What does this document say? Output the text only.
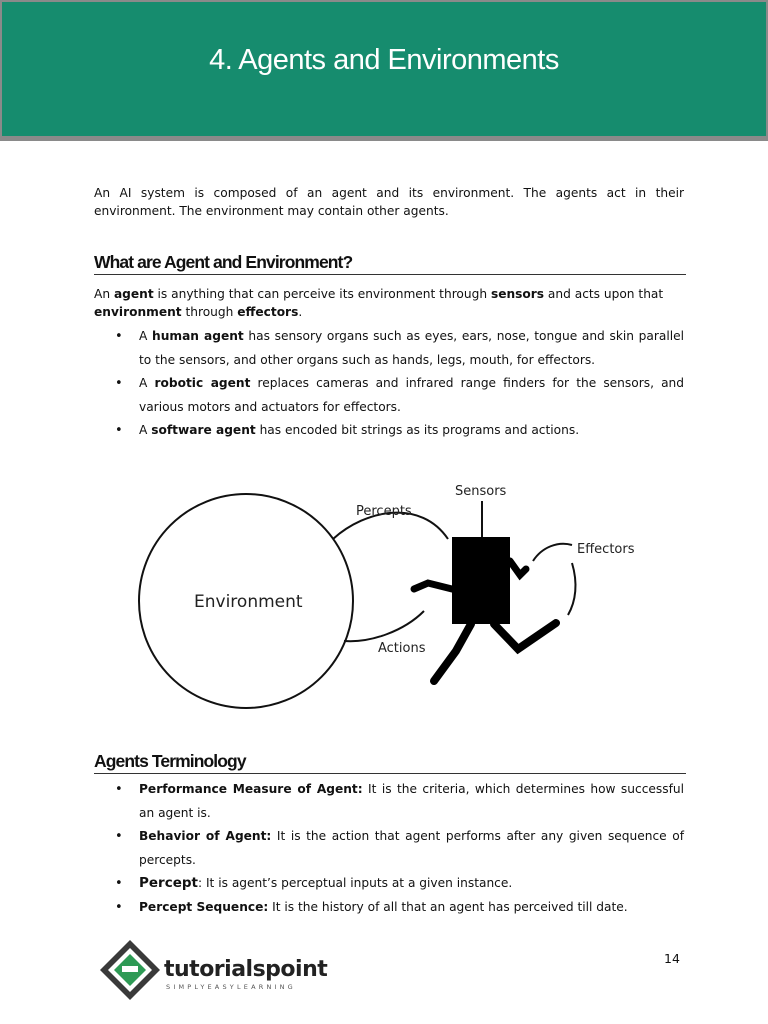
4. Agents and Environments

An AI system is composed of an agent and its environment. The agents act in their environment. The environment may contain other agents.

What are Agent and Environment?

An agent is anything that can perceive its environment through sensors and acts upon that environment through effectors.

• A human agent has sensory organs such as eyes, ears, nose, tongue and skin parallel to the sensors, and other organs such as hands, legs, mouth, for effectors.
• A robotic agent replaces cameras and infrared range finders for the sensors, and various motors and actuators for effectors.
• A software agent has encoded bit strings as its programs and actions.
Environment
Percepts
Actions
Sensors
Effectors
Agents Terminology
• Performance Measure of Agent: It is the criteria, which determines how successful an agent is.
• Behavior of Agent: It is the action that agent performs after any given sequence of percepts.
• Percept: It is agent’s perceptual inputs at a given instance.
• Percept Sequence: It is the history of all that an agent has perceived till date.
tutorialspoint
SIMPLYEASYLEARNING
14
